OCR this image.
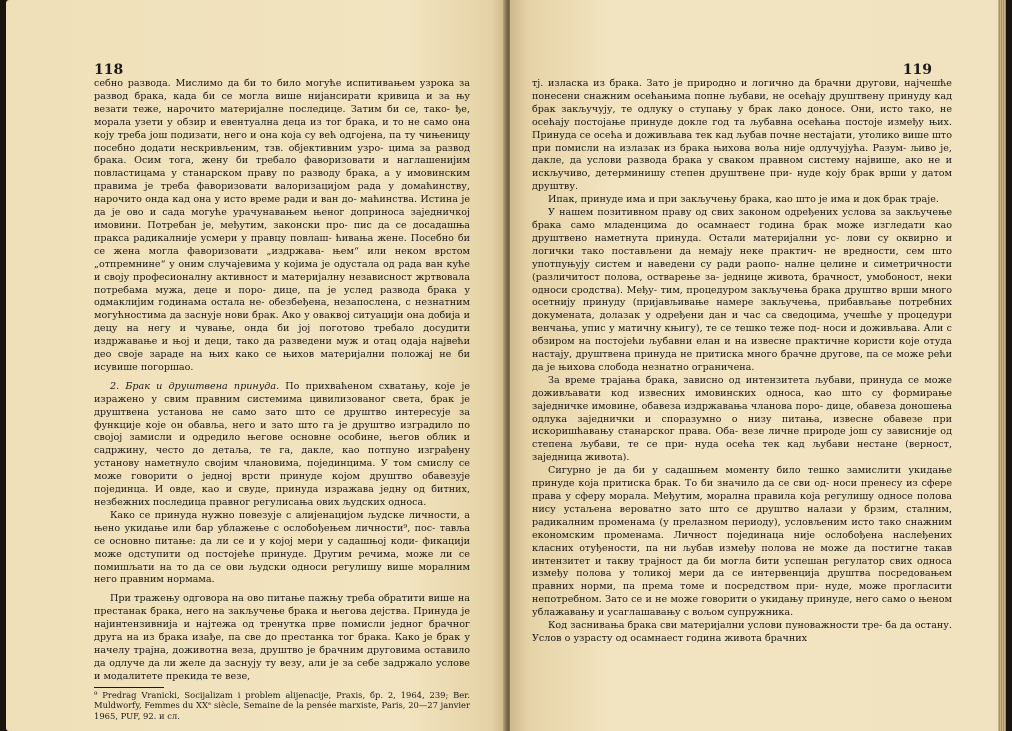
118

себно развода. Мислимо да би то било могуће испитивањем узрока за развод брака, када би се могла више нијансирати кривица и за њу везати теже, нарочито материјалне последице. Затим би се, тако- ђе, морала узети у обзир и евентуална деца из тог брака, и то не само она коју треба још подизати, него и она која су већ одгојена, па ту чињеницу посебно додати нескривљеним, тзв. објективним узро- цима за развод брака. Осим тога, жену би требало фаворизовати и наглашенијим повластицама у станарском праву по разводу брака, а у имовинским правима је треба фаворизовати валоризацијом рада у домаћинству, нарочито онда кад она у исто време ради и ван до- маћинства. Истина је да је ово и сада могуће урачунавањем њеног доприноса заједничкој имовини. Потребан је, међутим, законски про- пис да се досадашња пракса радикалније усмери у правцу повлаш- ћивања жене. Посебно би се жена могла фаворизовати „издржава- њем“ или неком врстом „отпремнине“ у оним случајевима у којима је одустала од рада ван куће и своју професионалну активност и материјалну независност жртвовала потребама мужа, деце и поро- дице, па је услед развода брака у одмаклијим годинама остала не- обезбеђена, незапослена, с незнатним могућностима да заснује нови брак. Ако у оваквој ситуацији она добија и децу на негу и чување, онда би јој поготово требало досудити издржавање и њој и деци, тако да разведени муж и отац одаја највећи део своје зараде на њих како се њихов материјални положај не би исувише погоршао.

2. Брак и друштвена принуда. По прихваћеном схватању, које је изражено у свим правним системима цивилизованог света, брак је друштвена установа не само зато што се друштво интересује за функције које он обавља, него и зато што га је друштво изградило по својој замисли и одредило његове основне особине, његов облик и садржину, често до детаља, те га, дакле, као потпуно изграђену установу наметнуло својим члановима, појединцима. У том смислу се може говорити о једној врсти принуде којом друштво обавезује појединца. И овде, као и свуде, принуда изражава једну од битних, незбежних последица правног регулисања ових људских односа.

Како се принуда нужно повезује с алијенацијом људске личности, а њено укидање или бар ублажење с ослобођењем личности⁹, пос- тавља се основно питање: да ли се и у којој мери у садашњој коди- фикацији може одступити од постојеће принуде. Другим речима, може ли се помишљати на то да се ови људски односи регулишу више моралним него правним нормама.

При тражењу одговора на ово питање пажњу треба обратити више на престанак брака, него на закључење брака и његова дејства. Принуда је најинтензивнија и најтежа од тренутка прве помисли једног брачног друга на из брака изађе, па све до престанка тог брака. Како је брак у начелу трајна, доживотна веза, друштво је брачним друговима оставило да одлуче да ли желе да заснују ту везу, али је за себе задржало услове и модалитете прекида те везе,

⁹ Predrag Vranicki, Socijalizam i problem alijenacije, Praxis, бр. 2, 1964, 239; Ber. Muldworfy, Femmes du XXᵉ siècle, Semaine de la pensée marxiste, Paris, 20—27 janvier 1965, PUF, 92. и сл.

119

тј. изласка из брака. Зато је природно и логично да брачни другови, најчешће понесени снажним осећањима попне љубави, не осећају друштвену принуду кад брак закључују, те одлуку о ступању у брак лако доносе. Они, исто тако, не осећају постојање принуде докле год та љубавна осећања постоје између њих. Принуда се осећа и доживљава тек кад љубав почне нестајати, утолико више што при помисли на излазак из брака њихова воља није одлучујућа. Разум- љиво је, дакле, да услови развода брака у сваком правном систему највише, ако не и искључиво, детерминишу степен друштвене при- нуде коју брак врши у датом друштву.

Ипак, принуде има и при закључењу брака, као што је има и док брак траје.

У нашем позитивном праву од свих законом одређених услова за закључење брака само младенцима до осамнаест година брак може изгледати као друштвено наметнута принуда. Остали материјални ус- лови су оквирно и логички тако постављени да немају неке практич- не вредности, сем што употпуњују систем и наведени су ради раопо- налне целине и симетричности (различитост полова, остварење за- једнице живота, брачност, умобоност, неки односи сродства). Међу- тим, процедуром закључења брака друштво врши много осетнију принуду (пријављивање намере закључења, прибављање потребних докумената, долазак у одређени дан и час са сведоцима, учешће у процедури венчања, упис у матичну књигу), те се тешко теже под- носи и доживљава. Али с обзиром на постојећи љубавни елан и на извесне практичне користи које отуда настају, друштвена принуда не притиска много брачне другове, па се може рећи да је њихова слобода незнатно ограничена.

За време трајања брака, зависно од интензитета љубави, принуда се може доживљавати код извесних имовинских односа, као што су формирање заједничке имовине, обавеза издржавања чланова поро- дице, обавеза доношења одлука заједнички и споразумно о низу питања, извесне обавезе при искоришћавању станарског права. Оба- везе личне природе још су зависније од степена љубави, те се при- нуда осећа тек кад љубави нестане (верност, заједница живота).

Сигурно је да би у садашњем моменту било тешко замислити укидање принуде која притиска брак. То би значило да се сви од- носи пренесу из сфере права у сферу морала. Међутим, морална правила која регулишу односе полова нису устаљена вероватно зато што се друштво налази у брзим, сталним, радикалним променама (у прелазном периоду), условљеним исто тако снажним економским променама. Личност појединаца није ослобођена наслеђених класних отуђености, па ни љубав између полова не може да постигне такав интензитет и такву трајност да би могла бити успешан регулатор свих односа између полова у толикој мери да се интервенција друштва посредовањем правних норми, па према томе и посредством при- нуде, може прогласити непотребном. Зато се и не може говорити о укидању принуде, него само о њеном ублажавању и усаглашавању с вољом супружника.

Код заснивања брака сви материјални услови пуноважности тре- ба да остану. Услов о узрасту од осамнаест година живота брачних
